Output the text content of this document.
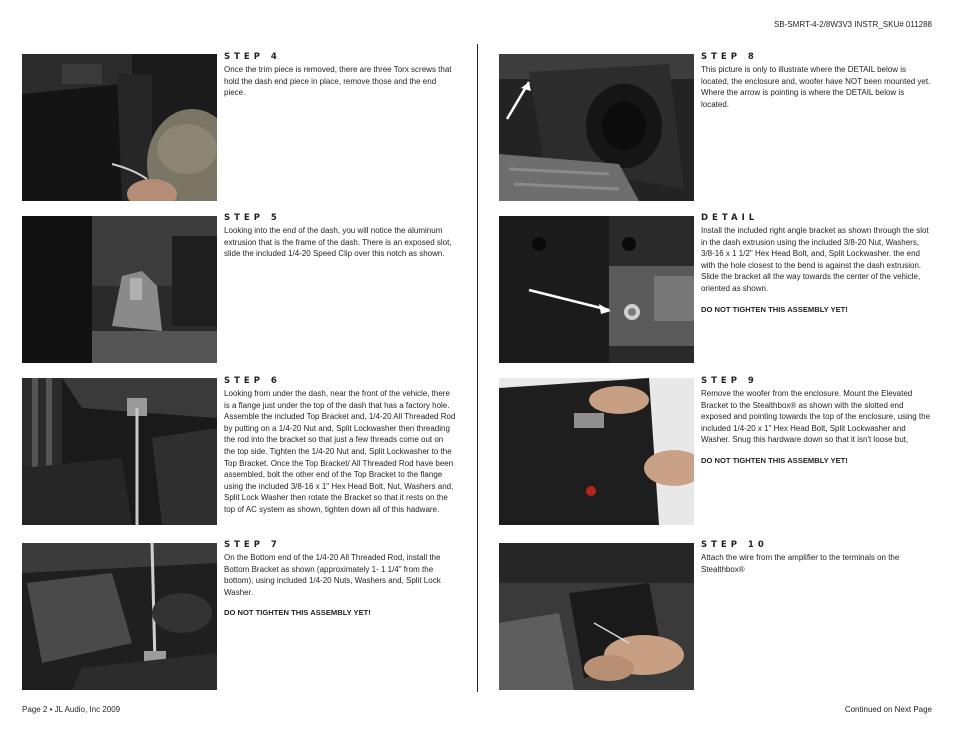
SB-SMRT-4-2/8W3V3 INSTR_SKU# 011288

STEP 4

Once the trim piece is removed, there are three Torx screws that hold the dash end piece in place, remove those and the end piece.

STEP 5

Looking into the end of the dash, you will notice the aluminum extrusion that is the frame of the dash. There is an exposed slot, slide the included 1/4-20 Speed Clip over this notch as shown.

STEP 6

Looking from under the dash, near the front of the vehicle, there is a flange just under the top of the dash that has a factory hole. Assemble the included Top Bracket and, 1/4-20 All Threaded Rod by putting on a 1/4-20 Nut and, Split Lockwasher then threading the rod into the bracket so that just a few threads come out on the top side. Tighten the 1/4-20 Nut and, Split Lockwasher to the Top Bracket. Once the Top Bracket/ All Threaded Rod have been assembled, bolt the other end of the Top Bracket to the flange using the included 3/8-16 x 1" Hex Head Bolt, Nut, Washers and, Split Lock Washer then rotate the Bracket so that it rests on the top of AC system as shown, tighten down all of this hadware.

STEP 7

On the Bottom end of the 1/4-20 All Threaded Rod, install the Bottom Bracket as shown (approximately 1- 1 1/4" from the bottom), using included 1/4-20 Nuts, Washers and, Split Lock Washer.

DO NOT TIGHTEN THIS ASSEMBLY YET!

STEP 8

This picture is only to illustrate where the DETAIL below is located, the enclosure and, woofer have NOT been mounted yet. Where the arrow is pointing is where the DETAIL below is located.

DETAIL

Install the included right angle bracket as shown through the slot in the dash extrusion using the included 3/8-20 Nut, Washers, 3/8-16 x 1 1/2" Hex Head Bolt, and, Split Lockwasher. the end with the hole closest to the bend is against the dash extrusion. Slide the bracket all the way towards the center of the vehicle, oriented as shown.

DO NOT TIGHTEN THIS ASSEMBLY YET!

STEP 9

Remove the woofer from the enclosure. Mount the Elevated Bracket to the Stealthbox® as shown with the slotted end exposed and pointing towards the top of the enclosure, using the included 1/4-20 x 1" Hex Head Bolt, Split Lockwasher and Washer. Snug this hardware down so that it isn't loose but,

DO NOT TIGHTEN THIS ASSEMBLY YET!

STEP 10

Attach the wire from the amplifier to the terminals on the Stealthbox®

Page 2 • JL Audio, Inc 2009	Continued on Next Page
